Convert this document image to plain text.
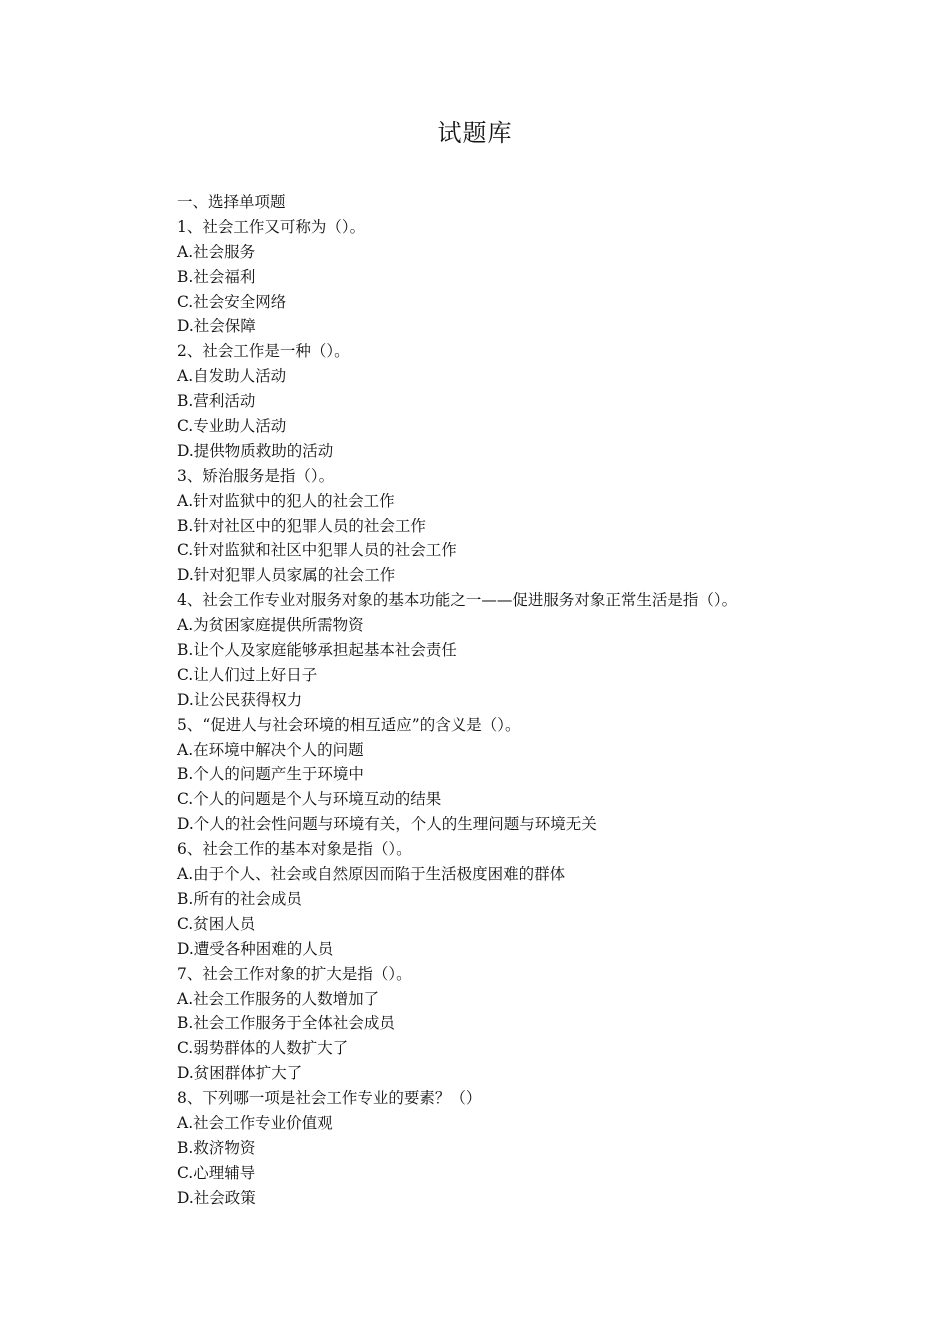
试题库
一、选择单项题
1、社会工作又可称为（）。
A.社会服务
B.社会福利
C.社会安全网络
D.社会保障
2、社会工作是一种（）。
A.自发助人活动
B.营利活动
C.专业助人活动
D.提供物质救助的活动
3、矫治服务是指（）。
A.针对监狱中的犯人的社会工作
B.针对社区中的犯罪人员的社会工作
C.针对监狱和社区中犯罪人员的社会工作
D.针对犯罪人员家属的社会工作
4、社会工作专业对服务对象的基本功能之一——促进服务对象正常生活是指（）。
A.为贫困家庭提供所需物资
B.让个人及家庭能够承担起基本社会责任
C.让人们过上好日子
D.让公民获得权力
5、“促进人与社会环境的相互适应”的含义是（）。
A.在环境中解决个人的问题
B.个人的问题产生于环境中
C.个人的问题是个人与环境互动的结果
D.个人的社会性问题与环境有关，个人的生理问题与环境无关
6、社会工作的基本对象是指（）。
A.由于个人、社会或自然原因而陷于生活极度困难的群体
B.所有的社会成员
C.贫困人员
D.遭受各种困难的人员
7、社会工作对象的扩大是指（）。
A.社会工作服务的人数增加了
B.社会工作服务于全体社会成员
C.弱势群体的人数扩大了
D.贫困群体扩大了
8、下列哪一项是社会工作专业的要素？（）
A.社会工作专业价值观
B.救济物资
C.心理辅导
D.社会政策
